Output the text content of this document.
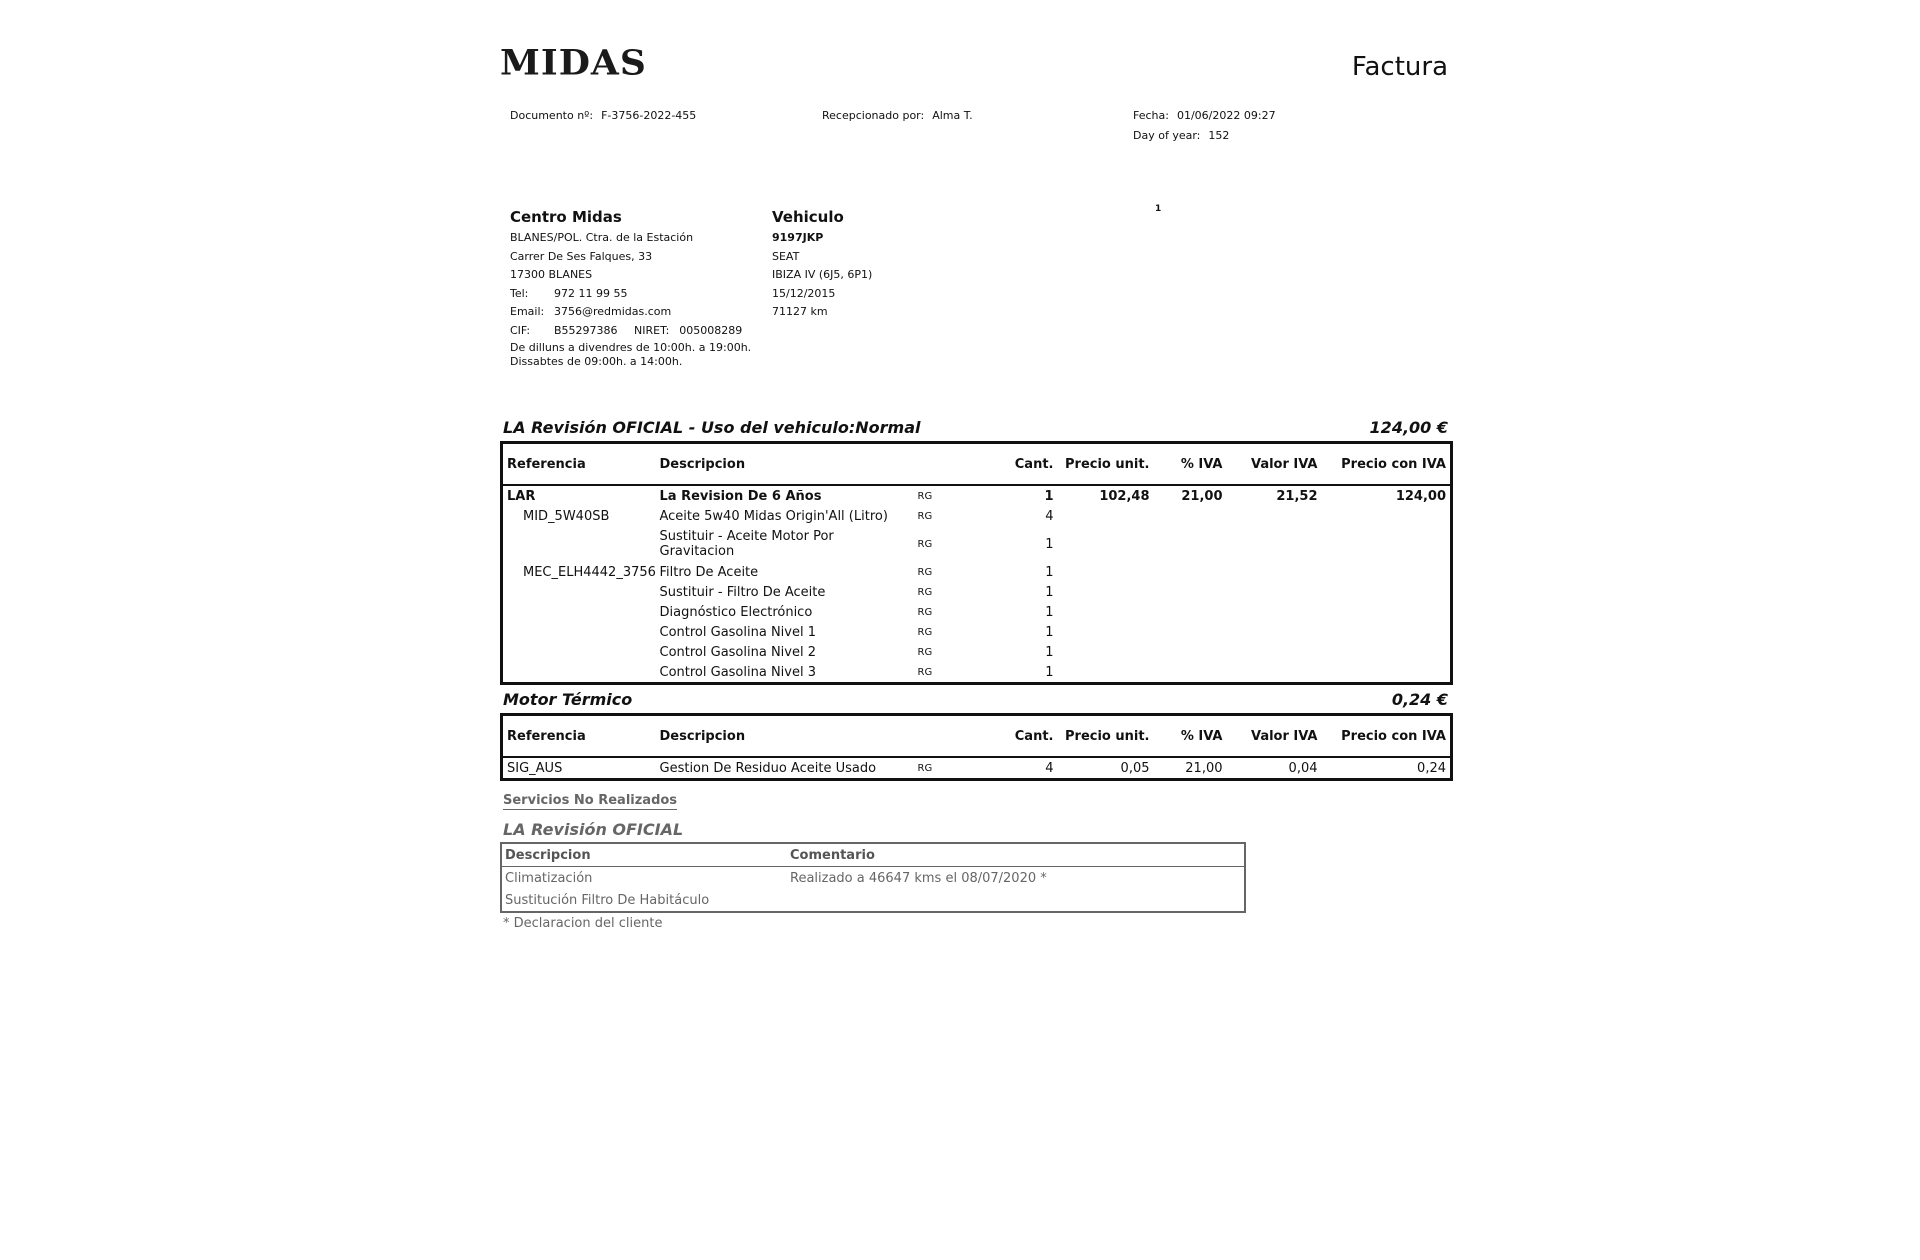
MIDAS	Factura
Documento nº: F-3756-2022-455	Recepcionado por: Alma T.	Fecha: 01/06/2022 09:27
Day of year: 152
1
Centro Midas
BLANES/POL. Ctra. de la Estación
Carrer De Ses Falques, 33
17300 BLANES
Tel: 972 11 99 55
Email: 3756@redmidas.com
CIF: B55297386 NIRET: 005008289
De dilluns a divendres de 10:00h. a 19:00h.
Dissabtes de 09:00h. a 14:00h.
Vehiculo
9197JKP
SEAT
IBIZA IV (6J5, 6P1)
15/12/2015
71127 km
LA Revisión OFICIAL - Uso del vehiculo:Normal	124,00 €
Referencia	Descripcion		Cant.	Precio unit.	% IVA	Valor IVA	Precio con IVA
LAR	La Revision De 6 Años	RG	1	102,48	21,00	21,52	124,00
MID_5W40SB	Aceite 5w40 Midas Origin'All (Litro)	RG	4				
	Sustituir - Aceite Motor Por Gravitacion	RG	1				
MEC_ELH4442_3756	Filtro De Aceite	RG	1				
	Sustituir - Filtro De Aceite	RG	1				
	Diagnóstico Electrónico	RG	1				
	Control Gasolina Nivel 1	RG	1				
	Control Gasolina Nivel 2	RG	1				
	Control Gasolina Nivel 3	RG	1				
Motor Térmico	0,24 €
Referencia	Descripcion		Cant.	Precio unit.	% IVA	Valor IVA	Precio con IVA
SIG_AUS	Gestion De Residuo Aceite Usado	RG	4	0,05	21,00	0,04	0,24
Servicios No Realizados
LA Revisión OFICIAL
Descripcion	Comentario
Climatización	Realizado a 46647 kms el 08/07/2020 *
Sustitución Filtro De Habitáculo	
* Declaracion del cliente
